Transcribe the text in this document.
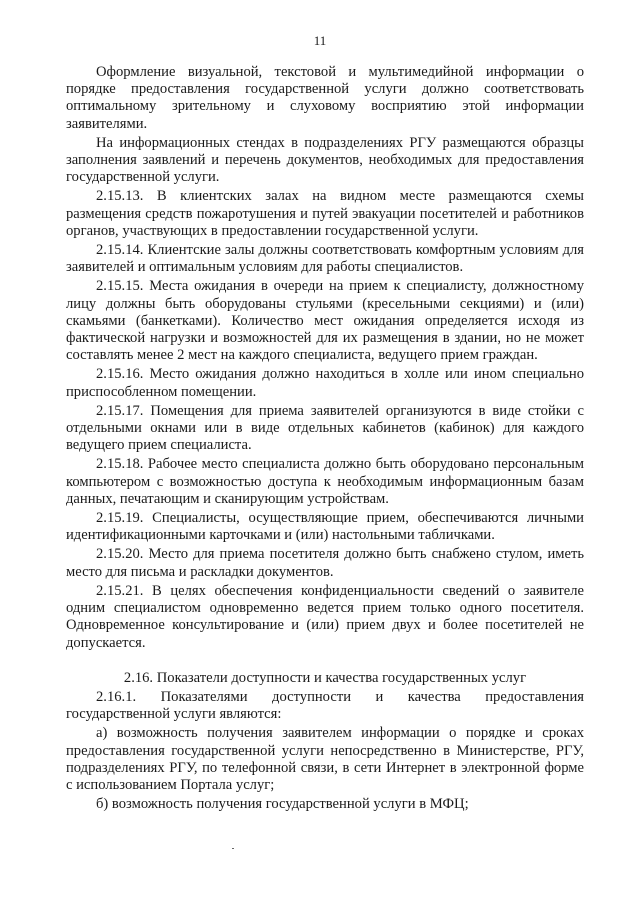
11

Оформление визуальной, текстовой и мультимедийной информации о порядке предоставления государственной услуги должно соответствовать оптимальному зрительному и слуховому восприятию этой информации заявителями.

На информационных стендах в подразделениях РГУ размещаются образцы заполнения заявлений и перечень документов, необходимых для предоставления государственной услуги.

2.15.13. В клиентских залах на видном месте размещаются схемы размещения средств пожаротушения и путей эвакуации посетителей и работников органов, участвующих в предоставлении государственной услуги.

2.15.14. Клиентские залы должны соответствовать комфортным условиям для заявителей и оптимальным условиям для работы специалистов.

2.15.15. Места ожидания в очереди на прием к специалисту, должностному лицу должны быть оборудованы стульями (кресельными секциями) и (или) скамьями (банкетками). Количество мест ожидания определяется исходя из фактической нагрузки и возможностей для их размещения в здании, но не может составлять менее 2 мест на каждого специалиста, ведущего прием граждан.

2.15.16. Место ожидания должно находиться в холле или ином специально приспособленном помещении.

2.15.17. Помещения для приема заявителей организуются в виде стойки с отдельными окнами или в виде отдельных кабинетов (кабинок) для каждого ведущего прием специалиста.

2.15.18. Рабочее место специалиста должно быть оборудовано персональным компьютером с возможностью доступа к необходимым информационным базам данных, печатающим и сканирующим устройствам.

2.15.19. Специалисты, осуществляющие прием, обеспечиваются личными идентификационными карточками и (или) настольными табличками.

2.15.20. Место для приема посетителя должно быть снабжено стулом, иметь место для письма и раскладки документов.

2.15.21. В целях обеспечения конфиденциальности сведений о заявителе одним специалистом одновременно ведется прием только одного посетителя. Одновременное консультирование и (или) прием двух и более посетителей не допускается.

2.16. Показатели доступности и качества государственных услуг

2.16.1. Показателями доступности и качества предоставления государственной услуги являются:

а) возможность получения заявителем информации о порядке и сроках предоставления государственной услуги непосредственно в Министерстве, РГУ, подразделениях РГУ, по телефонной связи, в сети Интернет в электронной форме с использованием Портала услуг;

б) возможность получения государственной услуги в МФЦ;
